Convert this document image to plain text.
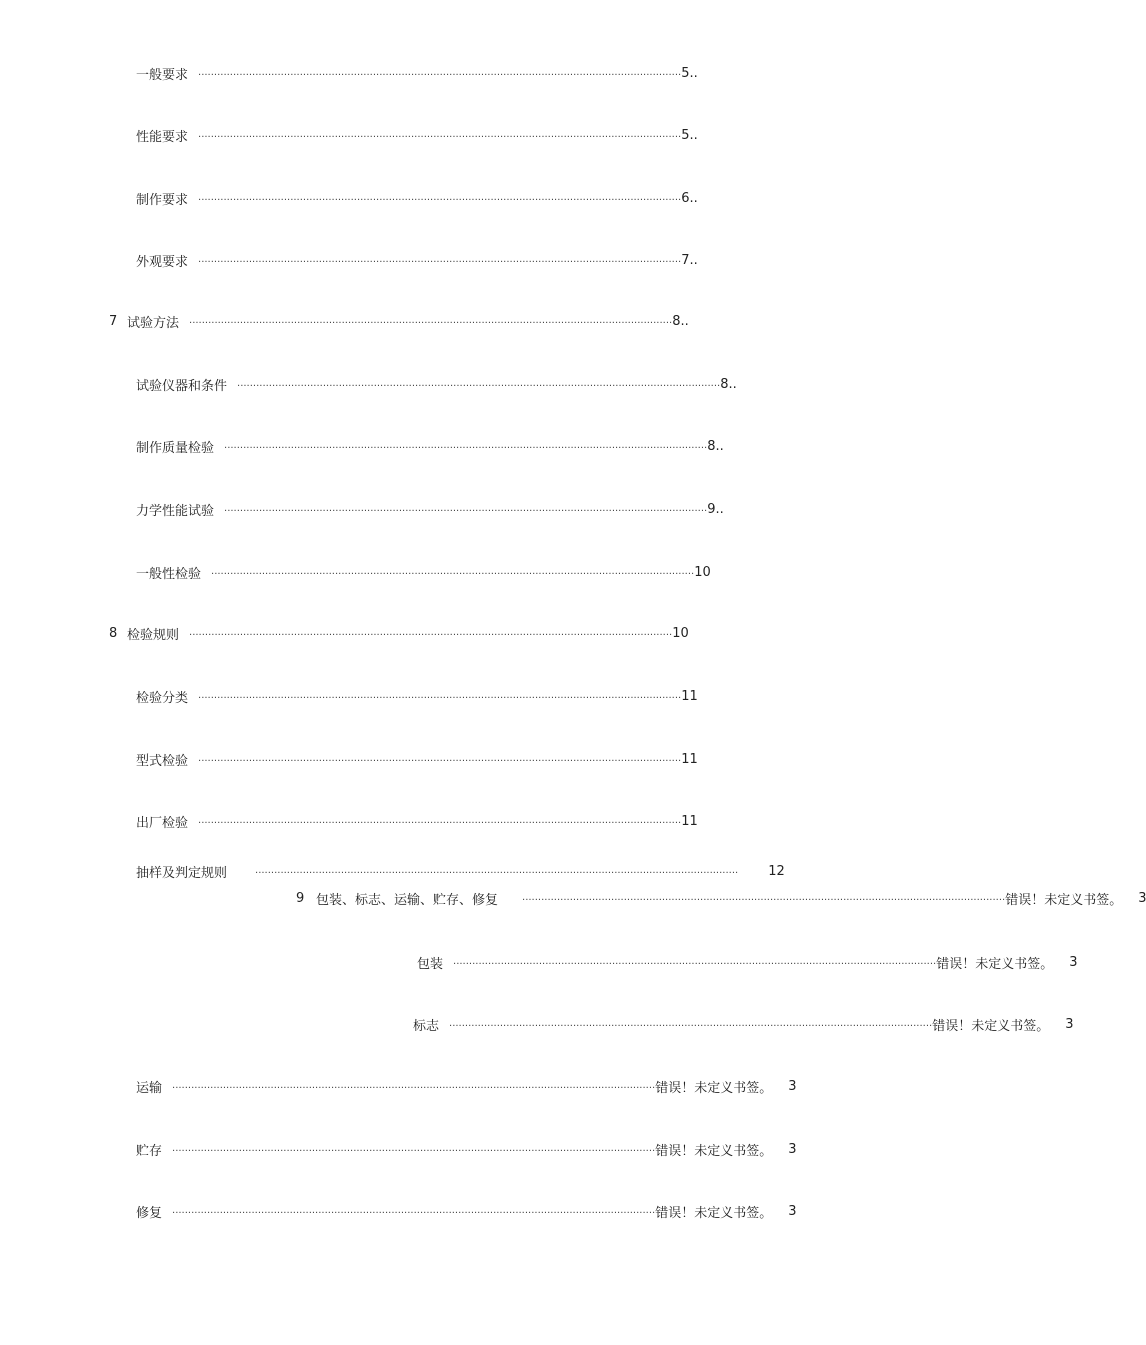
一般要求	........................................................................................................................................................ 5..
性能要求	........................................................................................................................................................ 5..
制作要求	........................................................................................................................................................ 6..
外观要求	........................................................................................................................................................ 7..
7 试验方法	........................................................................................................................................................ 8..
试验仪器和条件	........................................................................................................................................................ 8..
制作质量检验	........................................................................................................................................................ 8..
力学性能试验	........................................................................................................................................................ 9..
一般性检验	........................................................................................................................................................ 10
8 检验规则	........................................................................................................................................................ 10
检验分类	........................................................................................................................................................ 11
型式检验	........................................................................................................................................................ 11
出厂检验	........................................................................................................................................................ 11
抽样及判定规则	........................................................................................................................................................ 12
9 包装、标志、运输、贮存、修复	........................................................................................................................................................ 错误！未定义书签。 3
包装	........................................................................................................................................................ 错误！未定义书签。 3
标志	........................................................................................................................................................ 错误！未定义书签。 3
运输	........................................................................................................................................................ 错误！未定义书签。 3
贮存	........................................................................................................................................................ 错误！未定义书签。 3
修复	........................................................................................................................................................ 错误！未定义书签。 3
